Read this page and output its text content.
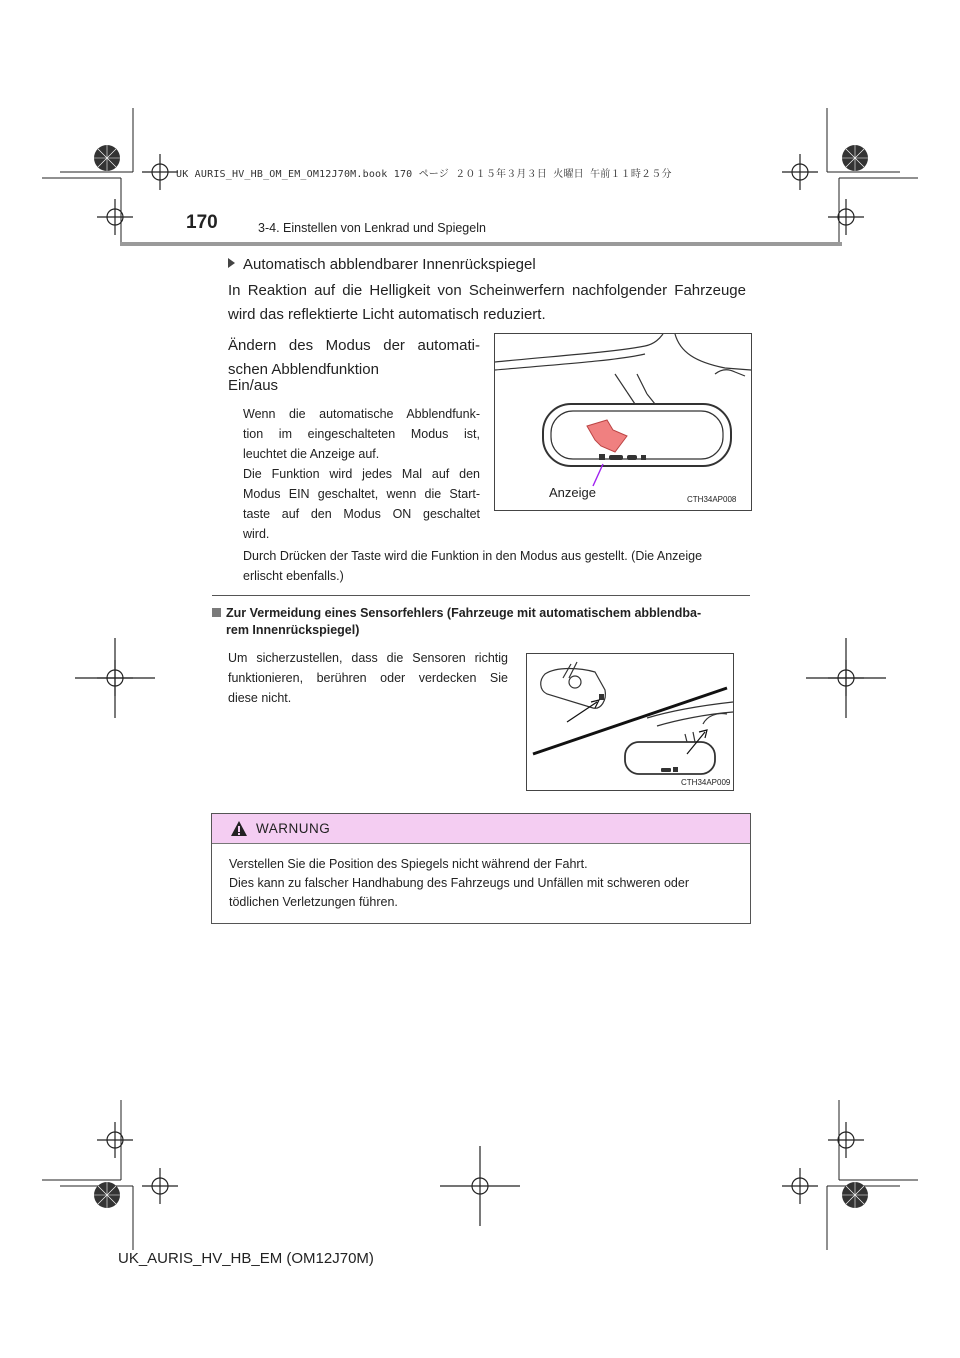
UK AURIS_HV_HB_OM_EM_OM12J70M.book 170 ページ ２０１５年３月３日 火曜日 午前１１時２５分
170	3-4. Einstellen von Lenkrad und Spiegeln
Automatisch abblendbarer Innenrückspiegel
In Reaktion auf die Helligkeit von Scheinwerfern nachfolgender Fahrzeuge wird das reflektierte Licht automatisch reduziert.
Ändern des Modus der automati-
schen Abblendfunktion
Ein/aus
Wenn die automatische Abblendfunk-
tion im eingeschalteten Modus ist,
leuchtet die Anzeige auf.
Die Funktion wird jedes Mal auf den
Modus EIN geschaltet, wenn die Start-
taste auf den Modus ON geschaltet
wird.
Durch Drücken der Taste wird die Funktion in den Modus aus gestellt. (Die Anzeige
erlischt ebenfalls.)
Anzeige	CTH34AP008
Zur Vermeidung eines Sensorfehlers (Fahrzeuge mit automatischem abblendba-
rem Innenrückspiegel)
Um sicherzustellen, dass die Sensoren richtig
funktionieren, berühren oder verdecken Sie
diese nicht.
CTH34AP009
WARNUNG
Verstellen Sie die Position des Spiegels nicht während der Fahrt.
Dies kann zu falscher Handhabung des Fahrzeugs und Unfällen mit schweren oder
tödlichen Verletzungen führen.
UK_AURIS_HV_HB_EM (OM12J70M)
